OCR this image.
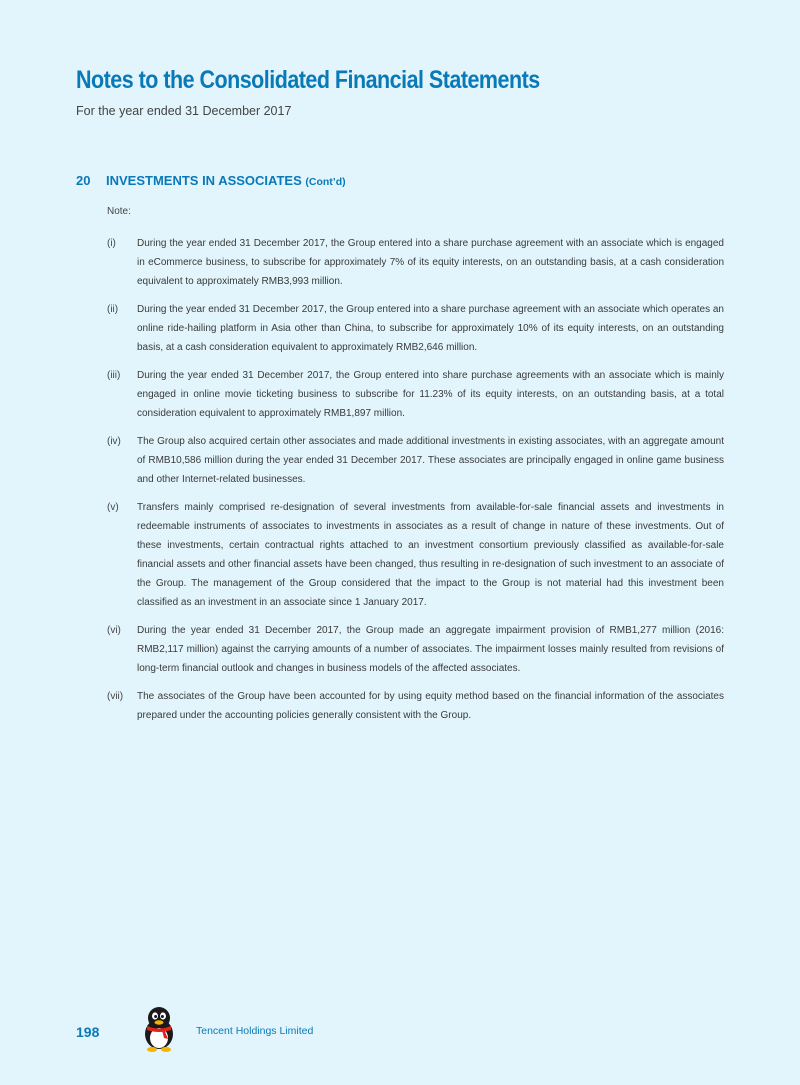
Notes to the Consolidated Financial Statements
For the year ended 31 December 2017
20 INVESTMENTS IN ASSOCIATES (Cont’d)
Note:
(i)	During the year ended 31 December 2017, the Group entered into a share purchase agreement with an associate which is engaged in eCommerce business, to subscribe for approximately 7% of its equity interests, on an outstanding basis, at a cash consideration equivalent to approximately RMB3,993 million.
(ii)	During the year ended 31 December 2017, the Group entered into a share purchase agreement with an associate which operates an online ride-hailing platform in Asia other than China, to subscribe for approximately 10% of its equity interests, on an outstanding basis, at a cash consideration equivalent to approximately RMB2,646 million.
(iii)	During the year ended 31 December 2017, the Group entered into share purchase agreements with an associate which is mainly engaged in online movie ticketing business to subscribe for 11.23% of its equity interests, on an outstanding basis, at a total consideration equivalent to approximately RMB1,897 million.
(iv)	The Group also acquired certain other associates and made additional investments in existing associates, with an aggregate amount of RMB10,586 million during the year ended 31 December 2017. These associates are principally engaged in online game business and other Internet-related businesses.
(v)	Transfers mainly comprised re-designation of several investments from available-for-sale financial assets and investments in redeemable instruments of associates to investments in associates as a result of change in nature of these investments. Out of these investments, certain contractual rights attached to an investment consortium previously classified as available-for-sale financial assets and other financial assets have been changed, thus resulting in re-designation of such investment to an associate of the Group. The management of the Group considered that the impact to the Group is not material had this investment been classified as an investment in an associate since 1 January 2017.
(vi)	During the year ended 31 December 2017, the Group made an aggregate impairment provision of RMB1,277 million (2016: RMB2,117 million) against the carrying amounts of a number of associates. The impairment losses mainly resulted from revisions of long-term financial outlook and changes in business models of the affected associates.
(vii)	The associates of the Group have been accounted for by using equity method based on the financial information of the associates prepared under the accounting policies generally consistent with the Group.
198	Tencent Holdings Limited
